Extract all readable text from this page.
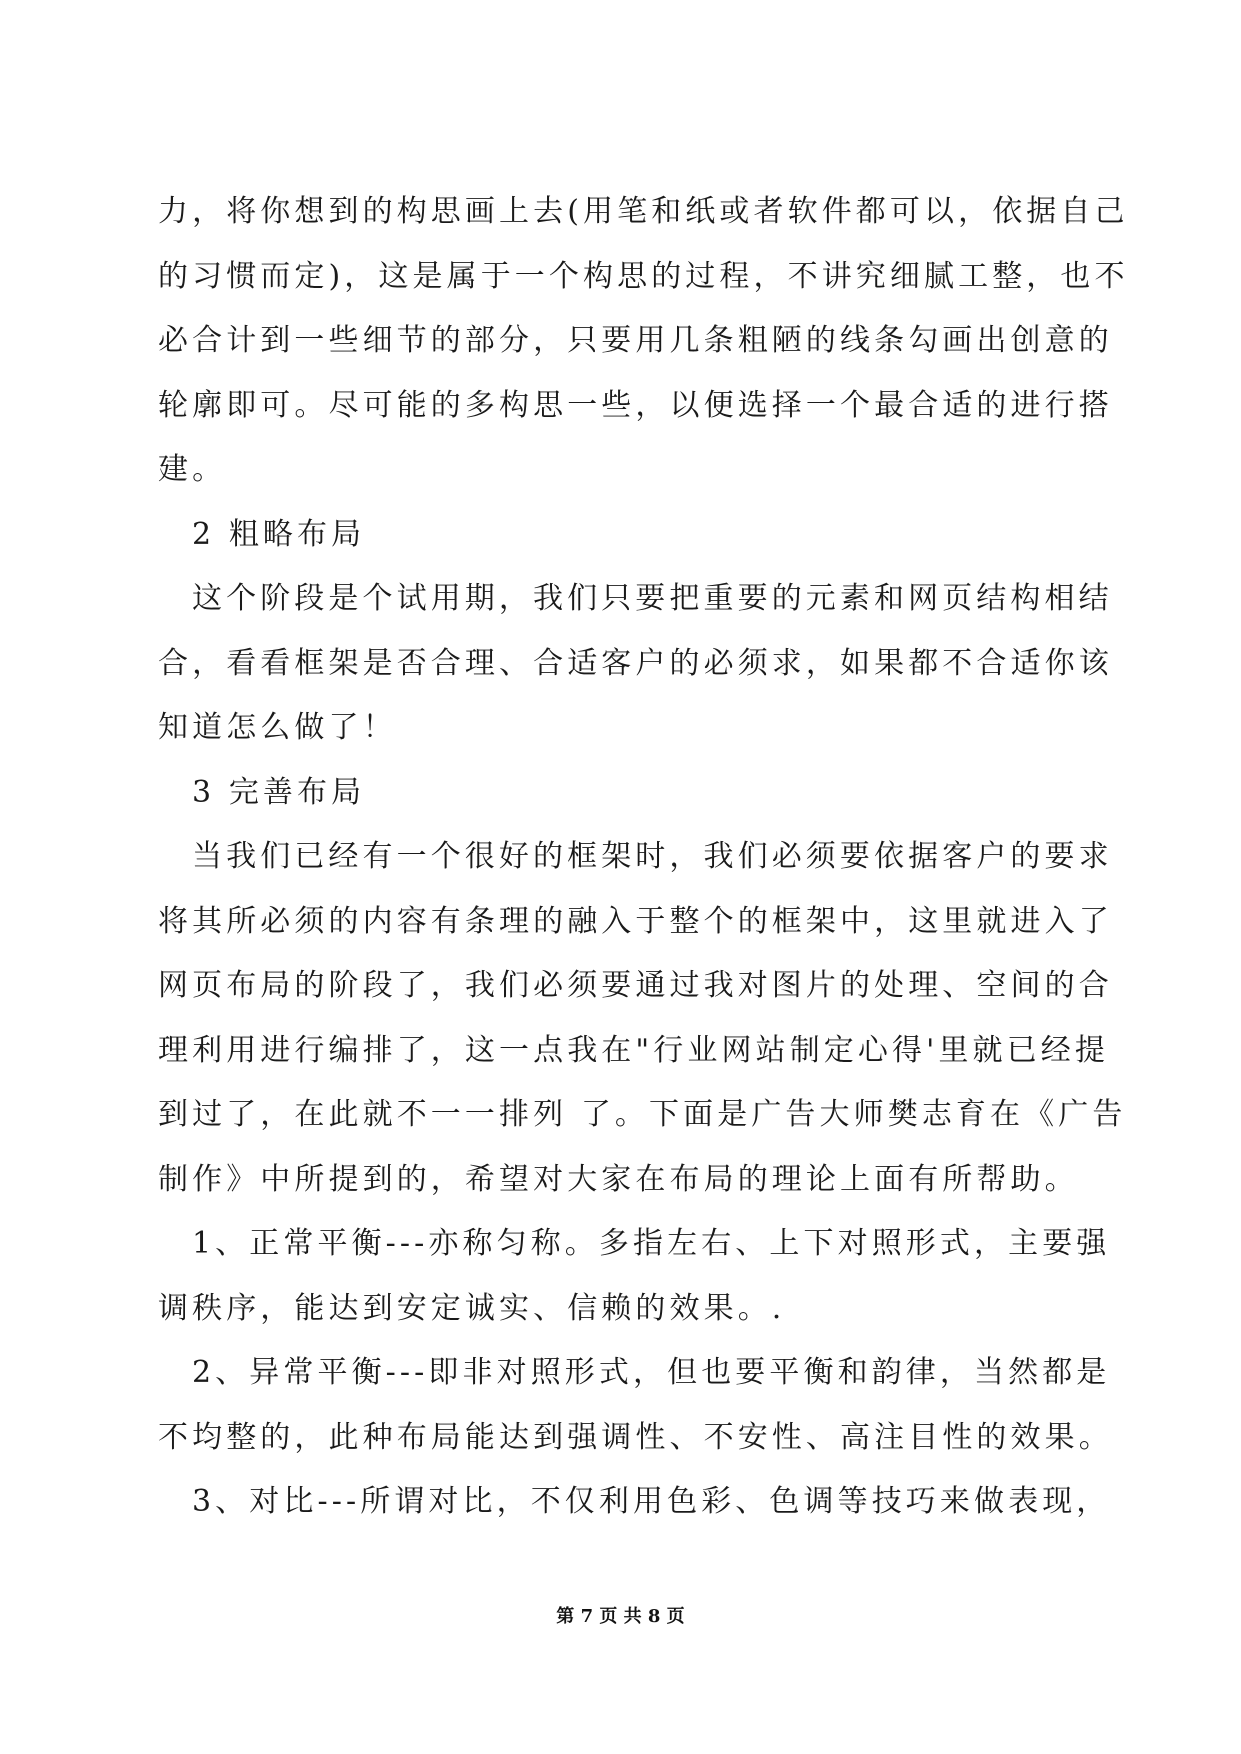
力，将你想到的构思画上去(用笔和纸或者软件都可以，依据自己
的习惯而定)，这是属于一个构思的过程，不讲究细腻工整，也不
必合计到一些细节的部分，只要用几条粗陋的线条勾画出创意的
轮廓即可。尽可能的多构思一些，以便选择一个最合适的进行搭
建。
2 粗略布局
这个阶段是个试用期，我们只要把重要的元素和网页结构相结
合，看看框架是否合理、合适客户的必须求，如果都不合适你该
知道怎么做了！
3 完善布局
当我们已经有一个很好的框架时，我们必须要依据客户的要求
将其所必须的内容有条理的融入于整个的框架中，这里就进入了
网页布局的阶段了，我们必须要通过我对图片的处理、空间的合
理利用进行编排了，这一点我在"行业网站制定心得'里就已经提
到过了，在此就不一一排列 了。下面是广告大师樊志育在《广告
制作》中所提到的，希望对大家在布局的理论上面有所帮助。
1、正常平衡---亦称匀称。多指左右、上下对照形式，主要强
调秩序，能达到安定诚实、信赖的效果。.
2、异常平衡---即非对照形式，但也要平衡和韵律，当然都是
不均整的，此种布局能达到强调性、不安性、高注目性的效果。
3、对比---所谓对比，不仅利用色彩、色调等技巧来做表现，
第 7 页 共 8 页
